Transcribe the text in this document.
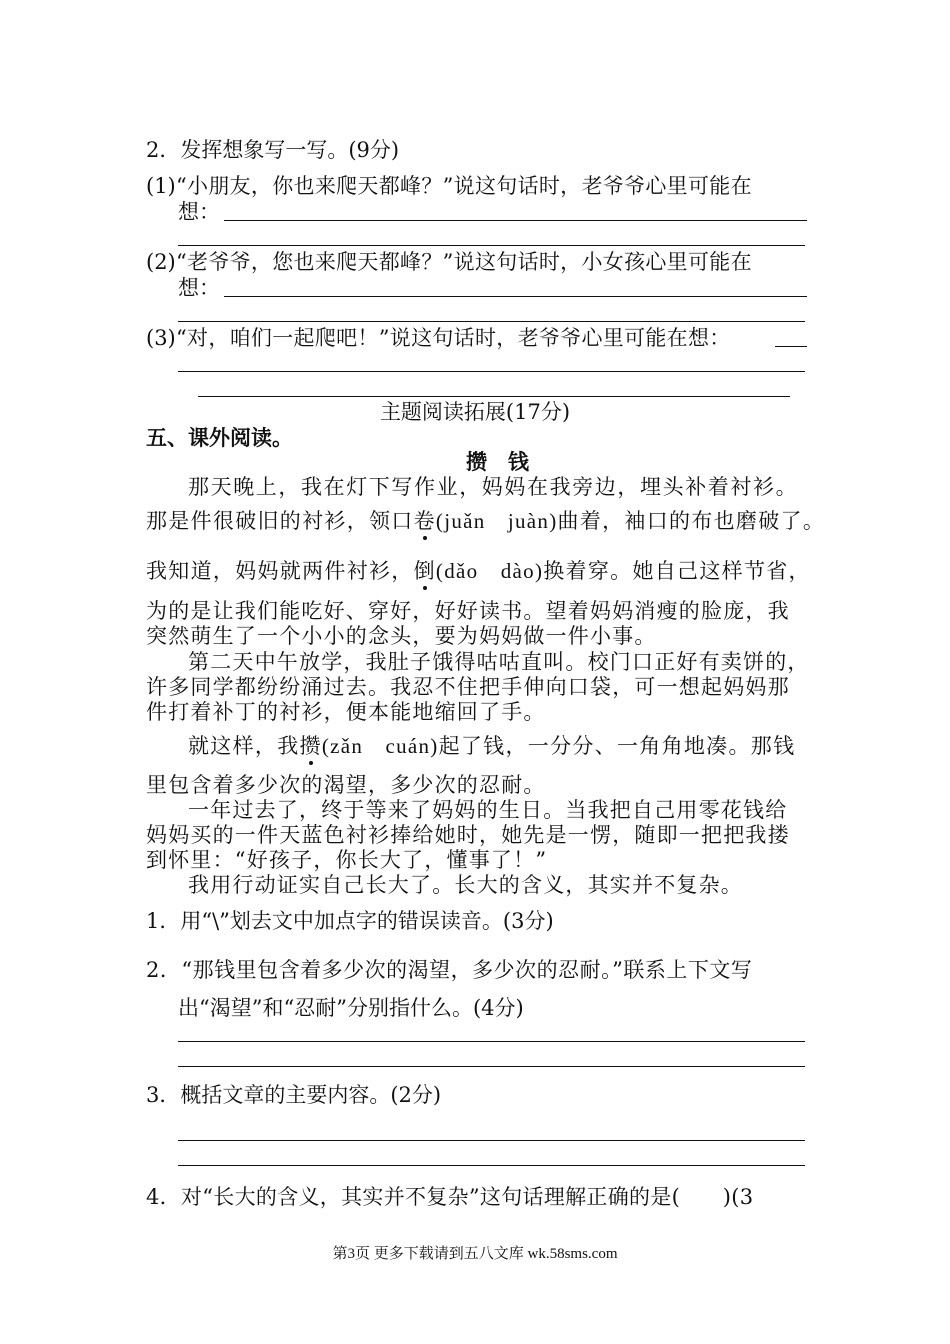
2．发挥想象写一写。(9分)
(1) “小朋友，你也来爬天都峰？”说这句话时，老爷爷心里可能在
想：
(2) “老爷爷，您也来爬天都峰？”说这句话时，小女孩心里可能在
想：
(3) “对，咱们一起爬吧！”说这句话时，老爷爷心里可能在想：
主题阅读拓展(17分)
五、课外阅读。
攒　钱
那天晚上，我在灯下写作业，妈妈在我旁边，埋头补着衬衫。
那是件很破旧的衬衫，领口卷(juǎn　juàn)曲着，袖口的布也磨破了。
我知道，妈妈就两件衬衫，倒(dǎo　dào)换着穿。她自己这样节省，
为的是让我们能吃好、穿好，好好读书。望着妈妈消瘦的脸庞，我
突然萌生了一个小小的念头，要为妈妈做一件小事。
第二天中午放学，我肚子饿得咕咕直叫。校门口正好有卖饼的，
许多同学都纷纷涌过去。我忍不住把手伸向口袋，可一想起妈妈那
件打着补丁的衬衫，便本能地缩回了手。
就这样，我攒(zǎn　cuán)起了钱，一分分、一角角地凑。那钱
里包含着多少次的渴望，多少次的忍耐。
一年过去了，终于等来了妈妈的生日。当我把自己用零花钱给
妈妈买的一件天蓝色衬衫捧给她时，她先是一愣，随即一把把我搂
到怀里：“好孩子，你长大了，懂事了！”
我用行动证实自己长大了。长大的含义，其实并不复杂。
1．用“\”划去文中加点字的错误读音。(3分)
2．“那钱里包含着多少次的渴望，多少次的忍耐。”联系上下文写
出“渴望”和“忍耐”分别指什么。(4分)
3．概括文章的主要内容。(2分)
4．对“长大的含义，其实并不复杂”这句话理解正确的是(　　)(3
第3页 更多下载请到五八文库 wk.58sms.com
